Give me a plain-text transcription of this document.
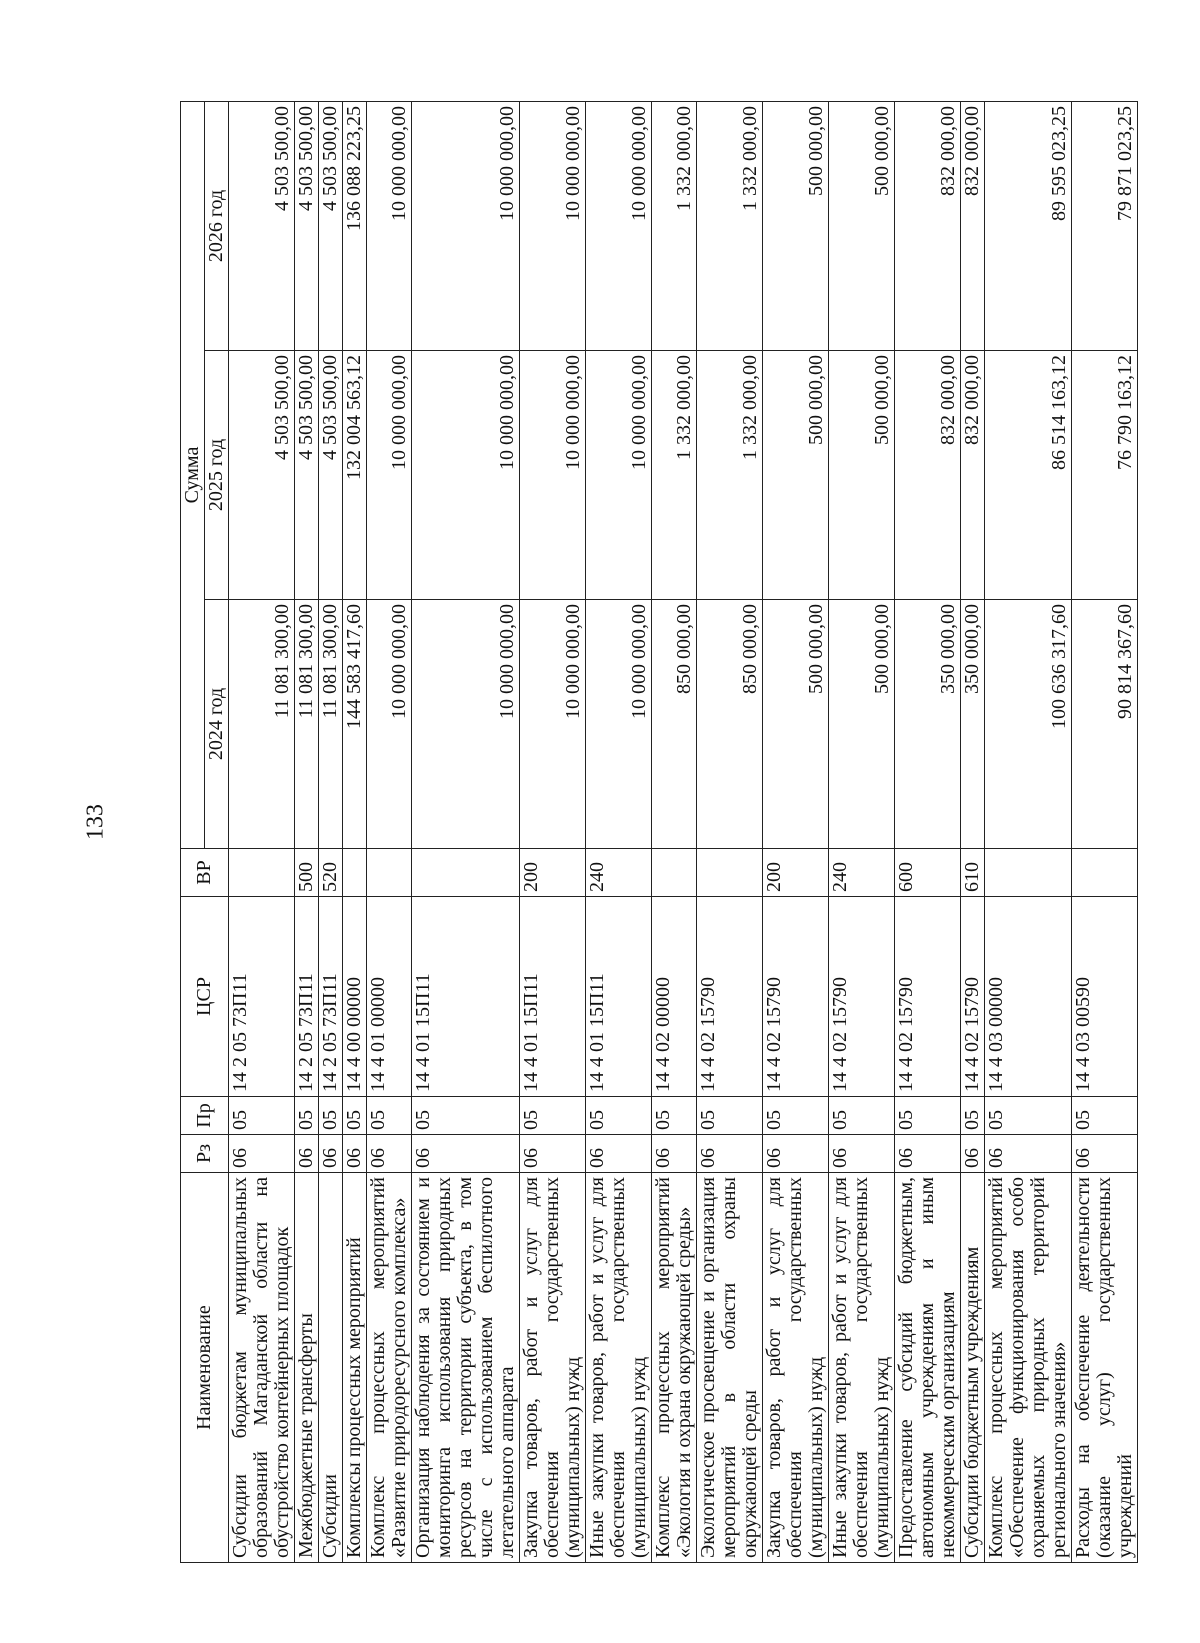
133
Наименование	Рз	Пр	ЦСР	ВР	Сумма		
					2024 год	2025 год	2026 год
Субсидии бюджетам муниципальных образований Магаданской области на обустройство контейнерных площадок	06	05	14 2 05 73П11		11 081 300,00	4 503 500,00	4 503 500,00
Межбюджетные трансферты	06	05	14 2 05 73П11	500	11 081 300,00	4 503 500,00	4 503 500,00
Субсидии	06	05	14 2 05 73П11	520	11 081 300,00	4 503 500,00	4 503 500,00
Комплексы процессных мероприятий	06	05	14 4 00 00000		144 583 417,60	132 004 563,12	136 088 223,25
Комплекс процессных мероприятий «Развитие природоресурсного комплекса»	06	05	14 4 01 00000		10 000 000,00	10 000 000,00	10 000 000,00
Организация наблюдения за состоянием и мониторинга использования природных ресурсов на территории субъекта, в том числе с использованием беспилотного летательного аппарата	06	05	14 4 01 15П11		10 000 000,00	10 000 000,00	10 000 000,00
Закупка товаров, работ и услуг для обеспечения государственных (муниципальных) нужд	06	05	14 4 01 15П11	200	10 000 000,00	10 000 000,00	10 000 000,00
Иные закупки товаров, работ и услуг для обеспечения государственных (муниципальных) нужд	06	05	14 4 01 15П11	240	10 000 000,00	10 000 000,00	10 000 000,00
Комплекс процессных мероприятий «Экология и охрана окружающей среды»	06	05	14 4 02 00000		850 000,00	1 332 000,00	1 332 000,00
Экологическое просвещение и организация мероприятий в области охраны окружающей среды	06	05	14 4 02 15790		850 000,00	1 332 000,00	1 332 000,00
Закупка товаров, работ и услуг для обеспечения государственных (муниципальных) нужд	06	05	14 4 02 15790	200	500 000,00	500 000,00	500 000,00
Иные закупки товаров, работ и услуг для обеспечения государственных (муниципальных) нужд	06	05	14 4 02 15790	240	500 000,00	500 000,00	500 000,00
Предоставление субсидий бюджетным, автономным учреждениям и иным некоммерческим организациям	06	05	14 4 02 15790	600	350 000,00	832 000,00	832 000,00
Субсидии бюджетным учреждениям	06	05	14 4 02 15790	610	350 000,00	832 000,00	832 000,00
Комплекс процессных мероприятий «Обеспечение функционирования особо охраняемых природных территорий регионального значения»	06	05	14 4 03 00000		100 636 317,60	86 514 163,12	89 595 023,25
Расходы на обеспечение деятельности (оказание услуг) государственных учреждений	06	05	14 4 03 00590		90 814 367,60	76 790 163,12	79 871 023,25
